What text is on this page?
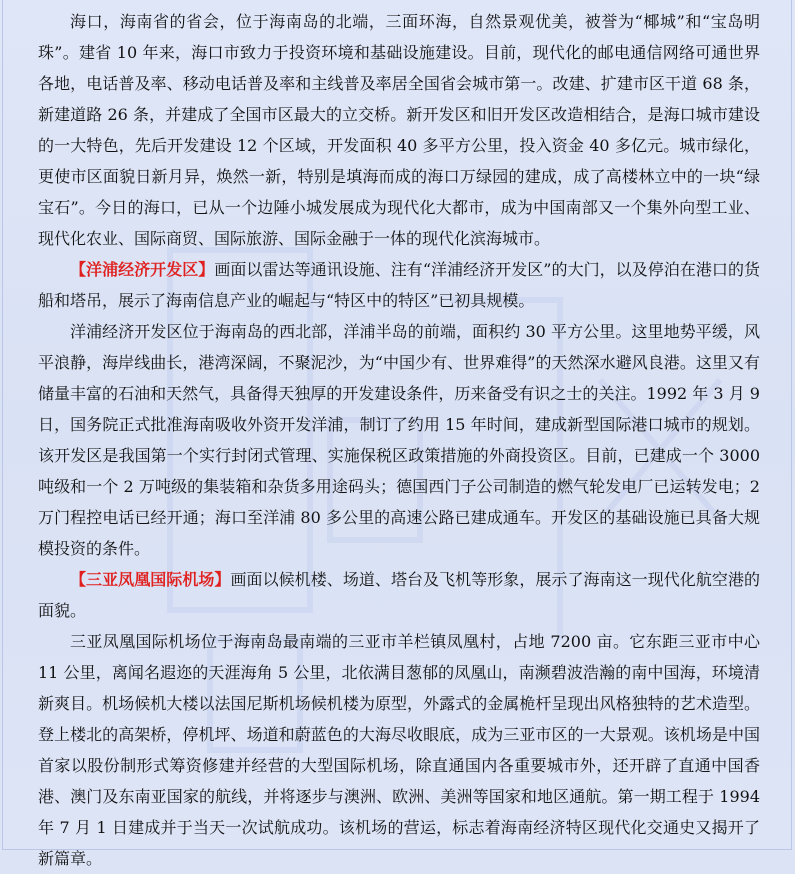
海口，海南省的省会，位于海南岛的北端，三面环海，自然景观优美，被誉为“椰城”和“宝岛明珠”。建省 10 年来，海口市致力于投资环境和基础设施建设。目前，现代化的邮电通信网络可通世界各地，电话普及率、移动电话普及率和主线普及率居全国省会城市第一。改建、扩建市区干道 68 条，新建道路 26 条，并建成了全国市区最大的立交桥。新开发区和旧开发区改造相结合，是海口城市建设的一大特色，先后开发建设 12 个区域，开发面积 40 多平方公里，投入资金 40 多亿元。城市绿化，更使市区面貌日新月异，焕然一新，特别是填海而成的海口万绿园的建成，成了高楼林立中的一块“绿宝石”。今日的海口，已从一个边陲小城发展成为现代化大都市，成为中国南部又一个集外向型工业、现代化农业、国际商贸、国际旅游、国际金融于一体的现代化滨海城市。

【洋浦经济开发区】画面以雷达等通讯设施、注有“洋浦经济开发区”的大门，以及停泊在港口的货船和塔吊，展示了海南信息产业的崛起与“特区中的特区”已初具规模。

洋浦经济开发区位于海南岛的西北部，洋浦半岛的前端，面积约 30 平方公里。这里地势平缓，风平浪静，海岸线曲长，港湾深阔，不聚泥沙，为“中国少有、世界难得”的天然深水避风良港。这里又有储量丰富的石油和天然气，具备得天独厚的开发建设条件，历来备受有识之士的关注。1992 年 3 月 9 日，国务院正式批准海南吸收外资开发洋浦，制订了约用 15 年时间，建成新型国际港口城市的规划。该开发区是我国第一个实行封闭式管理、实施保税区政策措施的外商投资区。目前，已建成一个 3000 吨级和一个 2 万吨级的集装箱和杂货多用途码头；德国西门子公司制造的燃气轮发电厂已运转发电；2 万门程控电话已经开通；海口至洋浦 80 多公里的高速公路已建成通车。开发区的基础设施已具备大规模投资的条件。

【三亚凤凰国际机场】画面以候机楼、场道、塔台及飞机等形象，展示了海南这一现代化航空港的面貌。

三亚凤凰国际机场位于海南岛最南端的三亚市羊栏镇凤凰村，占地 7200 亩。它东距三亚市中心 11 公里，离闻名遐迩的天涯海角 5 公里，北依满目葱郁的凤凰山，南濒碧波浩瀚的南中国海，环境清新爽目。机场候机大楼以法国尼斯机场候机楼为原型，外露式的金属桅杆呈现出风格独特的艺术造型。登上楼北的高架桥，停机坪、场道和蔚蓝色的大海尽收眼底，成为三亚市区的一大景观。该机场是中国首家以股份制形式筹资修建并经营的大型国际机场，除直通国内各重要城市外，还开辟了直通中国香港、澳门及东南亚国家的航线，并将逐步与澳洲、欧洲、美洲等国家和地区通航。第一期工程于 1994 年 7 月 1 日建成并于当天一次试航成功。该机场的营运，标志着海南经济特区现代化交通史又揭开了新篇章。
